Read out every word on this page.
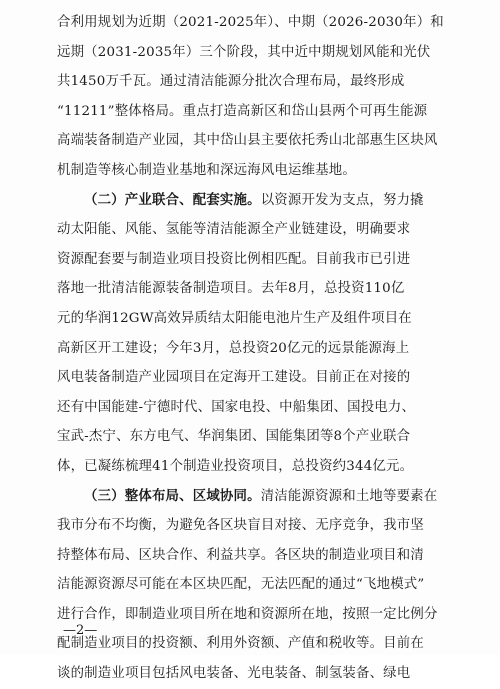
合利用规划为近期（2021-2025年）、中期（2026-2030年）和
远期（2031-2035年）三个阶段，其中近中期规划风能和光伏
共1450万千瓦。通过清洁能源分批次合理布局，最终形成
“11211”整体格局。重点打造高新区和岱山县两个可再生能源
高端装备制造产业园，其中岱山县主要依托秀山北部惠生区块风
机制造等核心制造业基地和深远海风电运维基地。
（二）产业联合、配套实施。以资源开发为支点，努力撬
动太阳能、风能、氢能等清洁能源全产业链建设，明确要求
资源配套要与制造业项目投资比例相匹配。目前我市已引进
落地一批清洁能源装备制造项目。去年8月，总投资110亿
元的华润12GW高效异质结太阳能电池片生产及组件项目在
高新区开工建设；今年3月，总投资20亿元的远景能源海上
风电装备制造产业园项目在定海开工建设。目前正在对接的
还有中国能建-宁德时代、国家电投、中船集团、国投电力、
宝武-杰宁、东方电气、华润集团、国能集团等8个产业联合
体，已凝练梳理41个制造业投资项目，总投资约344亿元。
（三）整体布局、区域协同。清洁能源资源和土地等要素在
我市分布不均衡，为避免各区块盲目对接、无序竞争，我市坚
持整体布局、区块合作、利益共享。各区块的制造业项目和清
洁能源资源尽可能在本区块匹配，无法匹配的通过“飞地模式”
进行合作，即制造业项目所在地和资源所在地，按照一定比例分
配制造业项目的投资额、利用外资额、产值和税收等。目前在
谈的制造业项目包括风电装备、光电装备、制氢装备、绿电
—2—
